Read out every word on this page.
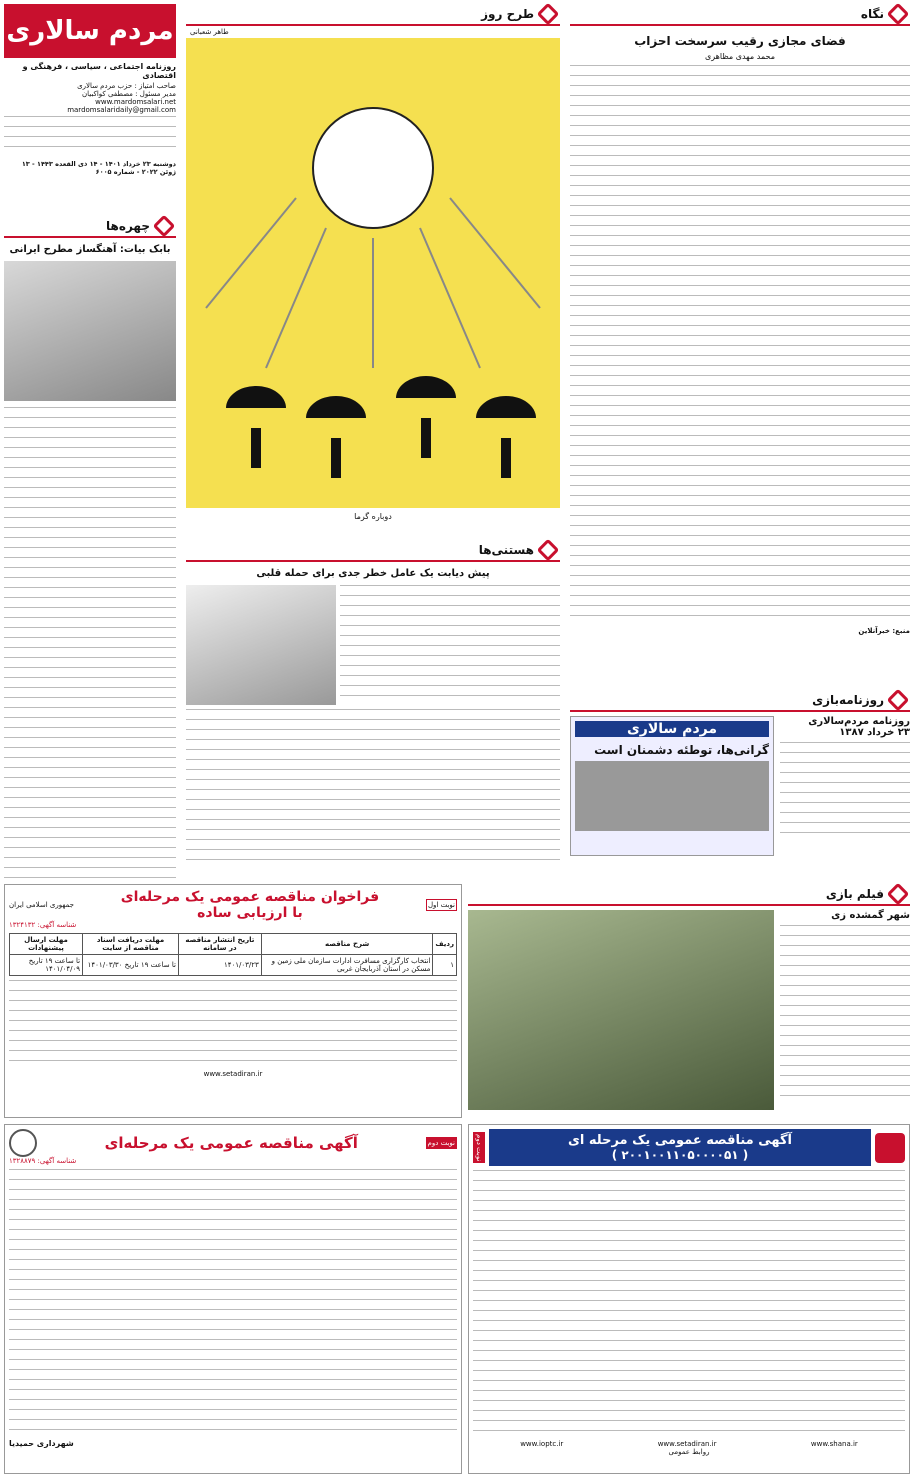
مردم سالاری
روزنامه اجتماعی ، سیاسی ، فرهنگی و اقتصادی
صاحب امتیاز : حزب مردم سالاری
مدیر مسئول : مصطفی کواکبیان
www.mardomsalari.net
mardomsalaridaily@gmail.com
دوشنبه ۲۳ خرداد ۱۴۰۱ - ۱۴ ذی القعده ۱۴۴۳ - ۱۳ ژوئن ۲۰۲۲ - شماره ۶۰۰۵
چهره‌ها
بابک بیات: آهنگساز مطرح ایرانی
طرح روز
طاهر شعبانی
دوباره گرما
نگاه
فضای مجازی رقیب سرسخت احزاب
محمد مهدی مظاهری
منبع: خبرآنلاین
هستنی‌ها
پیش دیابت یک عامل خطر جدی برای حمله قلبی
روزنامه‌بازی
روزنامه مردم‌سالاری
۲۳ خرداد ۱۳۸۷
مردم سالاری
گرانی‌ها، توطئه دشمنان است
فیلم بازی
شهر گمشده زی
نوبت اول
فراخوان مناقصه عمومی یک مرحله‌ای
با ارزیابی ساده
جمهوری اسلامی ایران
شناسه آگهی: ۱۳۲۴۱۳۲
ردیف	شرح مناقصه	تاریخ انتشار مناقصه در سامانه	مهلت دریافت اسناد مناقصه از سایت	مهلت ارسال پیشنهادات
۱	انتخاب کارگزاری مسافرت ادارات سازمان ملی زمین و مسکن در استان آذربایجان غربی	۱۴۰۱/۰۳/۲۳	تا ساعت ۱۹ تاریخ ۱۴۰۱/۰۳/۳۰	تا ساعت ۱۹ تاریخ ۱۴۰۱/۰۴/۰۹
www.setadiran.ir
نوبت دوم
آگهی مناقصه عمومی یک مرحله‌ای
شناسه آگهی: ۱۳۲۸۸۷۹
شهرداری حمیدیا
آگهی مناقصه عمومی یک مرحله ای
( ۲۰۰۱۰۰۱۱۰۵۰۰۰۰۵۱ )
نوبت دوم
www.ioptc.ir	www.setadiran.ir	www.shana.ir
روابط عمومی
